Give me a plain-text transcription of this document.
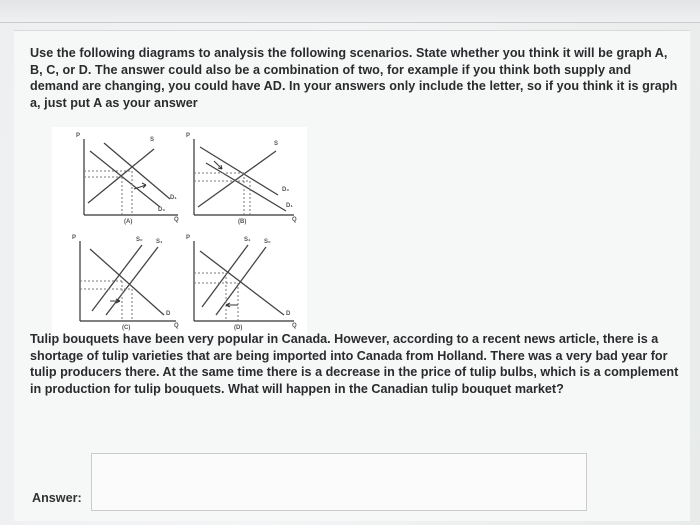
Use the following diagrams to analysis the following scenarios. State whether you think it will be graph A, B, C, or D. The answer could also be a combination of two, for example if you think both supply and demand are changing, you could have AD. In your answers only include the letter, so if you think it is graph a, just put A as your answer
P
Q
S
D₁
D₀
(A)
P
Q
S
D₀
D₁
(B)
P
Q
S₀ S₁
D
(C)
P
Q
S₁ S₀
D
(D)
Tulip bouquets have been very popular in Canada. However, according to a recent news article, there is a shortage of tulip varieties that are being imported into Canada from Holland. There was a very bad year for tulip producers there. At the same time there is a decrease in the price of tulip bulbs, which is a complement in production for tulip bouquets. What will happen in the Canadian tulip bouquet market?
Answer:
